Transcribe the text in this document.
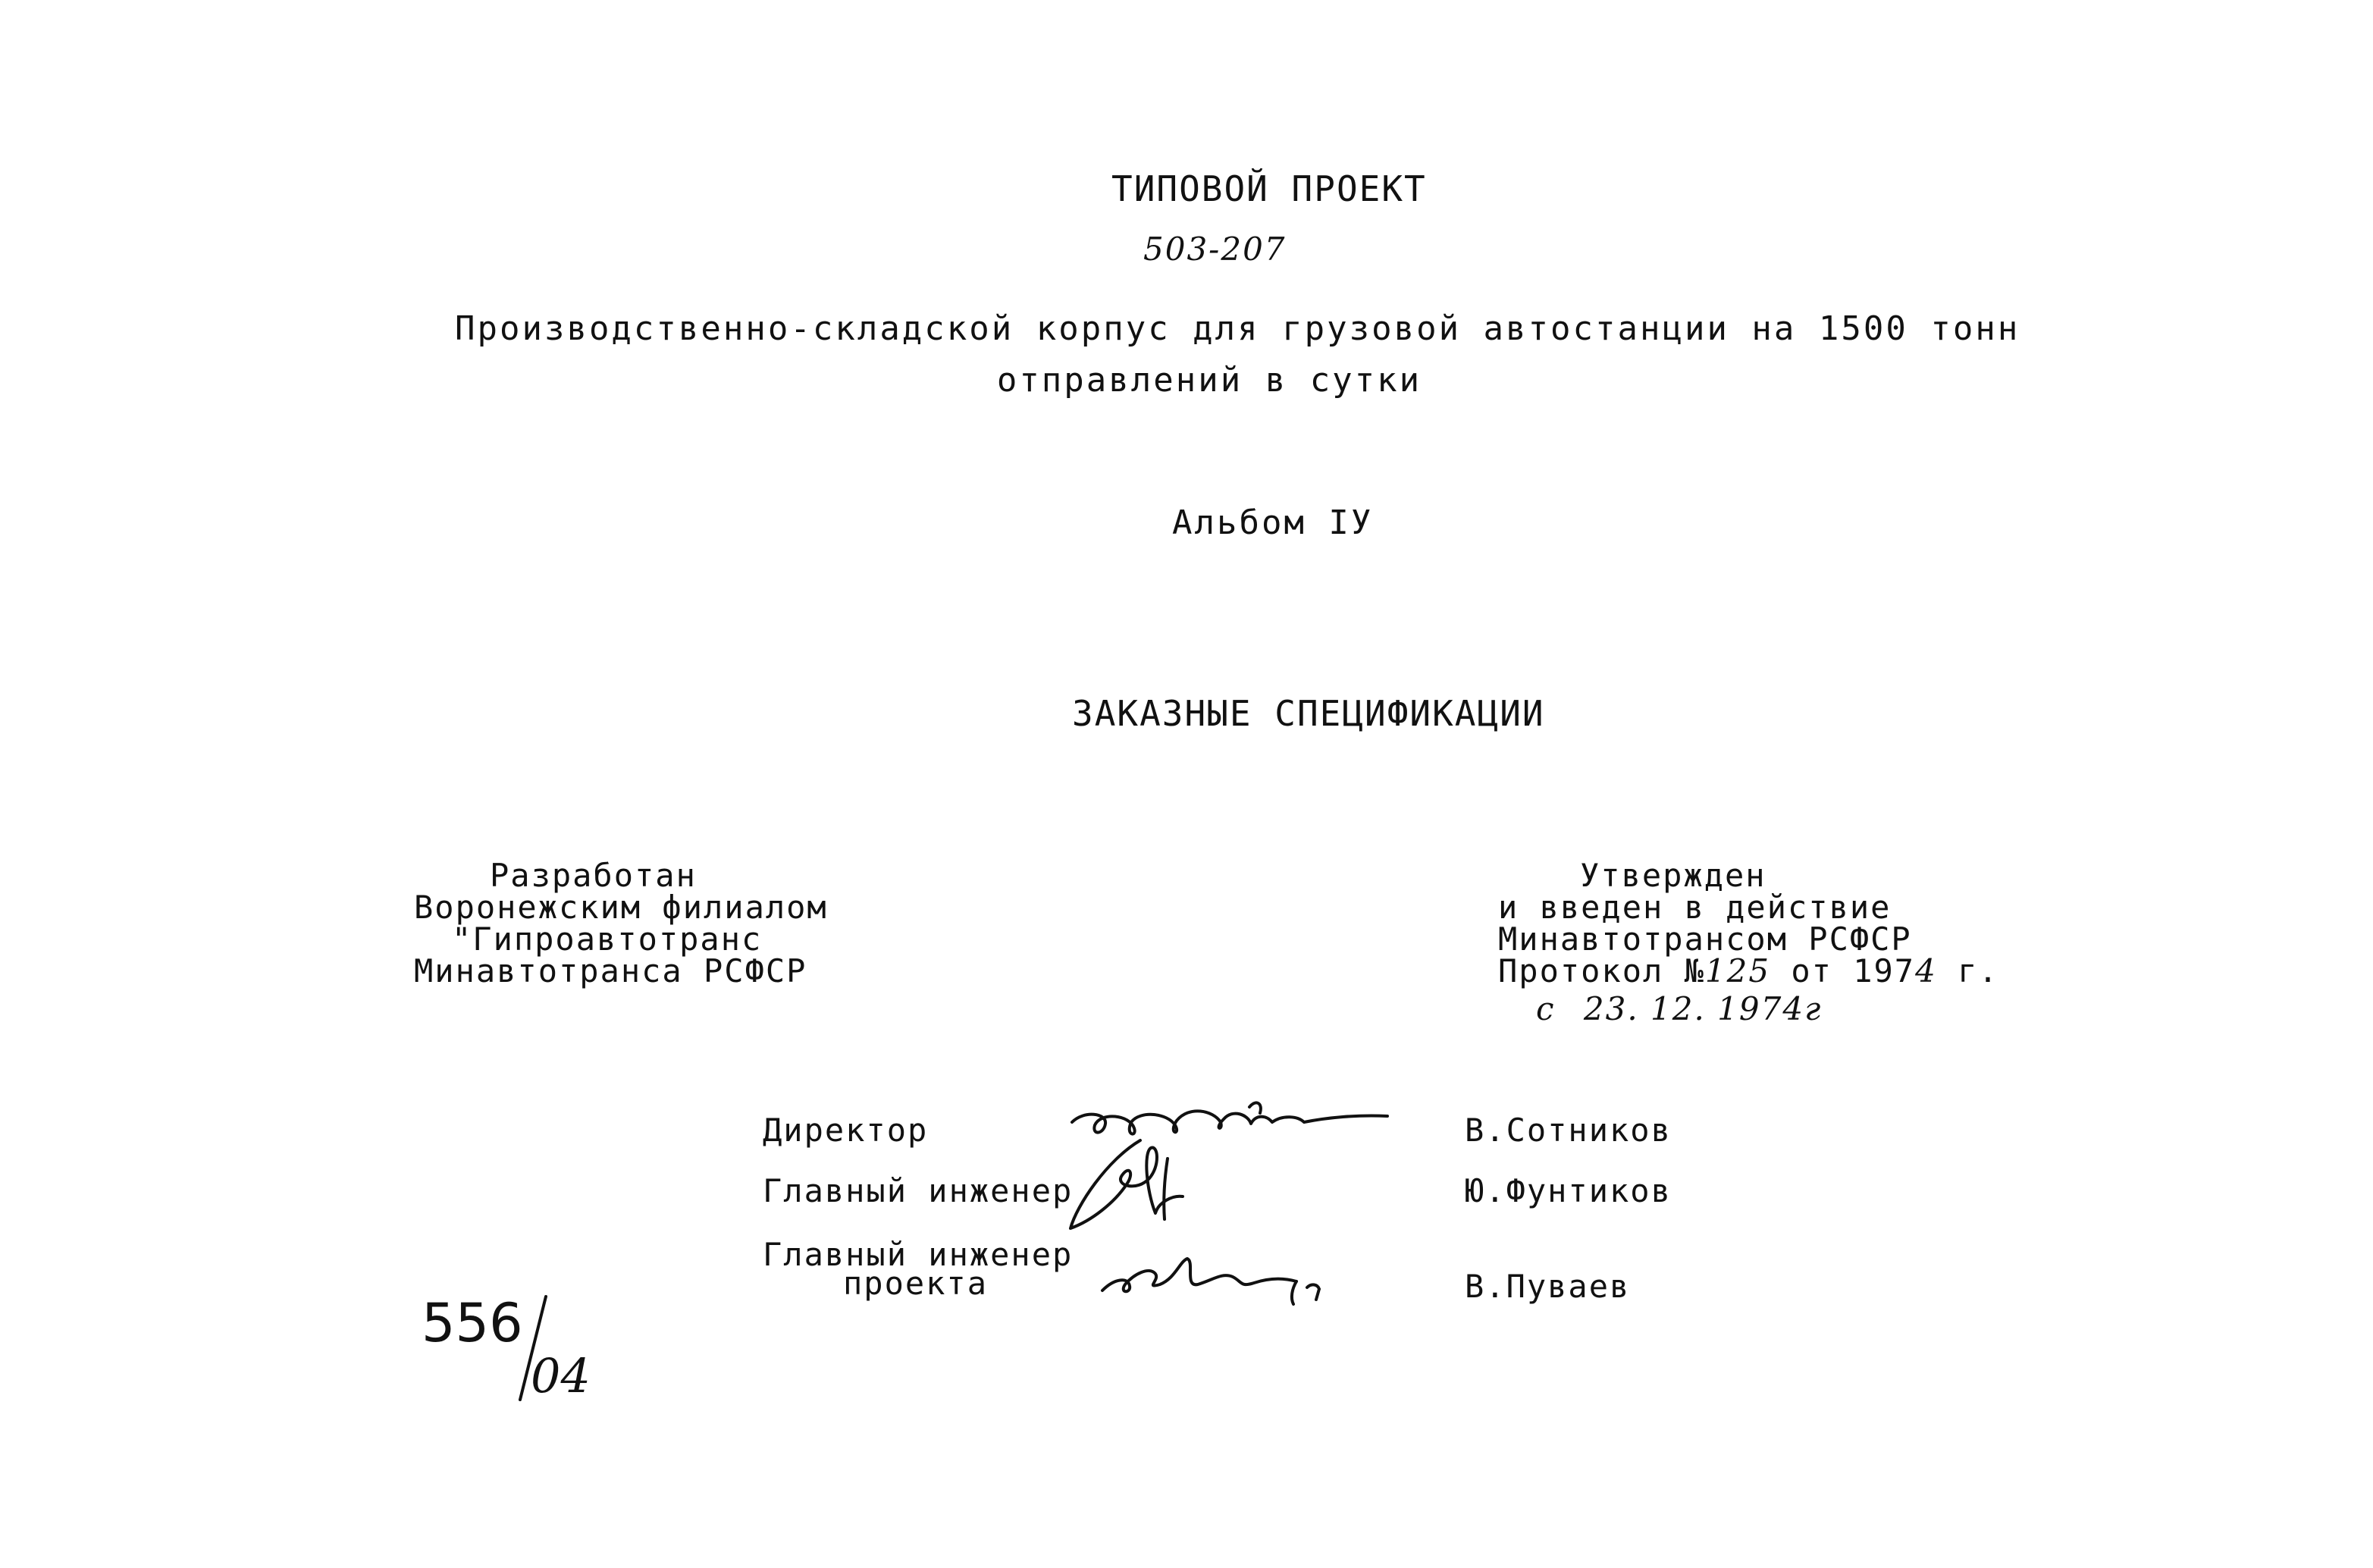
ТИПОВОЙ ПРОЕКТ
503-207
Производственно-складской корпус для грузовой автостанции на 1500 тонн
отправлений в сутки
Альбом IУ
ЗАКАЗНЫЕ СПЕЦИФИКАЦИИ
Разработан
Воронежским филиалом
"Гипроавтотранс
Минавтотранса РСФСР
Утвержден
и введен в действие
Минавтотрансом РСФСР
Протокол №125 от 1974 г.
с 23. 12. 1974г
Директор	В.Сотников
Главный инженер	Ю.Фунтиков
Главный инженер
проекта	В.Пуваев
556
04
